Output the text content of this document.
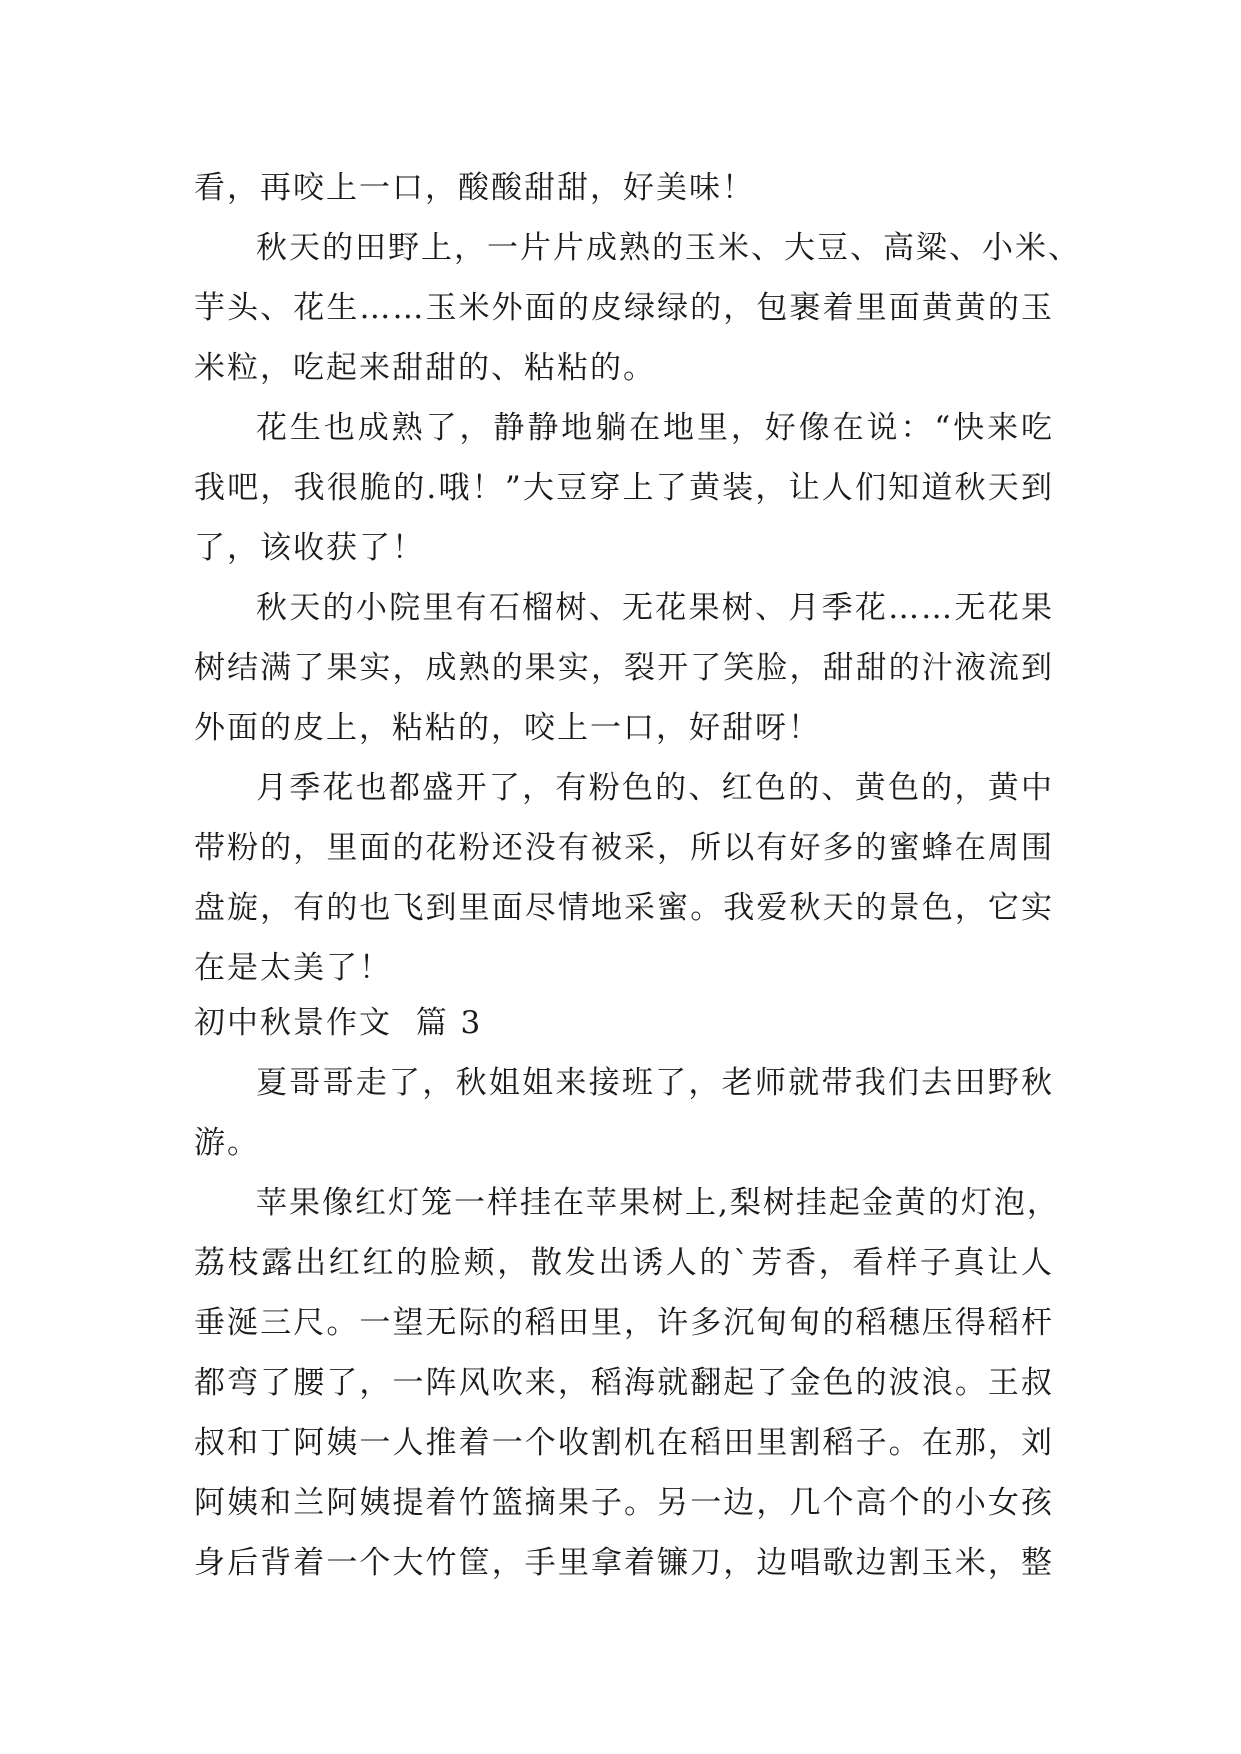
看，再咬上一口，酸酸甜甜，好美味！

秋天的田野上，一片片成熟的玉米、大豆、高粱、小米、

芋头、花生……玉米外面的皮绿绿的，包裹着里面黄黄的玉

米粒，吃起来甜甜的、粘粘的。

花生也成熟了，静静地躺在地里，好像在说：“快来吃

我吧，我很脆的.哦！”大豆穿上了黄装，让人们知道秋天到

了，该收获了！

秋天的小院里有石榴树、无花果树、月季花……无花果

树结满了果实，成熟的果实，裂开了笑脸，甜甜的汁液流到

外面的皮上，粘粘的，咬上一口，好甜呀！

月季花也都盛开了，有粉色的、红色的、黄色的，黄中

带粉的，里面的花粉还没有被采，所以有好多的蜜蜂在周围

盘旋，有的也飞到里面尽情地采蜜。我爱秋天的景色，它实

在是太美了！

初中秋景作文  篇 3

夏哥哥走了，秋姐姐来接班了，老师就带我们去田野秋

游。

苹果像红灯笼一样挂在苹果树上,梨树挂起金黄的灯泡，

荔枝露出红红的脸颊，散发出诱人的`芳香，看样子真让人

垂涎三尺。一望无际的稻田里，许多沉甸甸的稻穗压得稻杆

都弯了腰了，一阵风吹来，稻海就翻起了金色的波浪。王叔

叔和丁阿姨一人推着一个收割机在稻田里割稻子。在那，刘

阿姨和兰阿姨提着竹篮摘果子。另一边，几个高个的小女孩

身后背着一个大竹筐，手里拿着镰刀，边唱歌边割玉米，整
